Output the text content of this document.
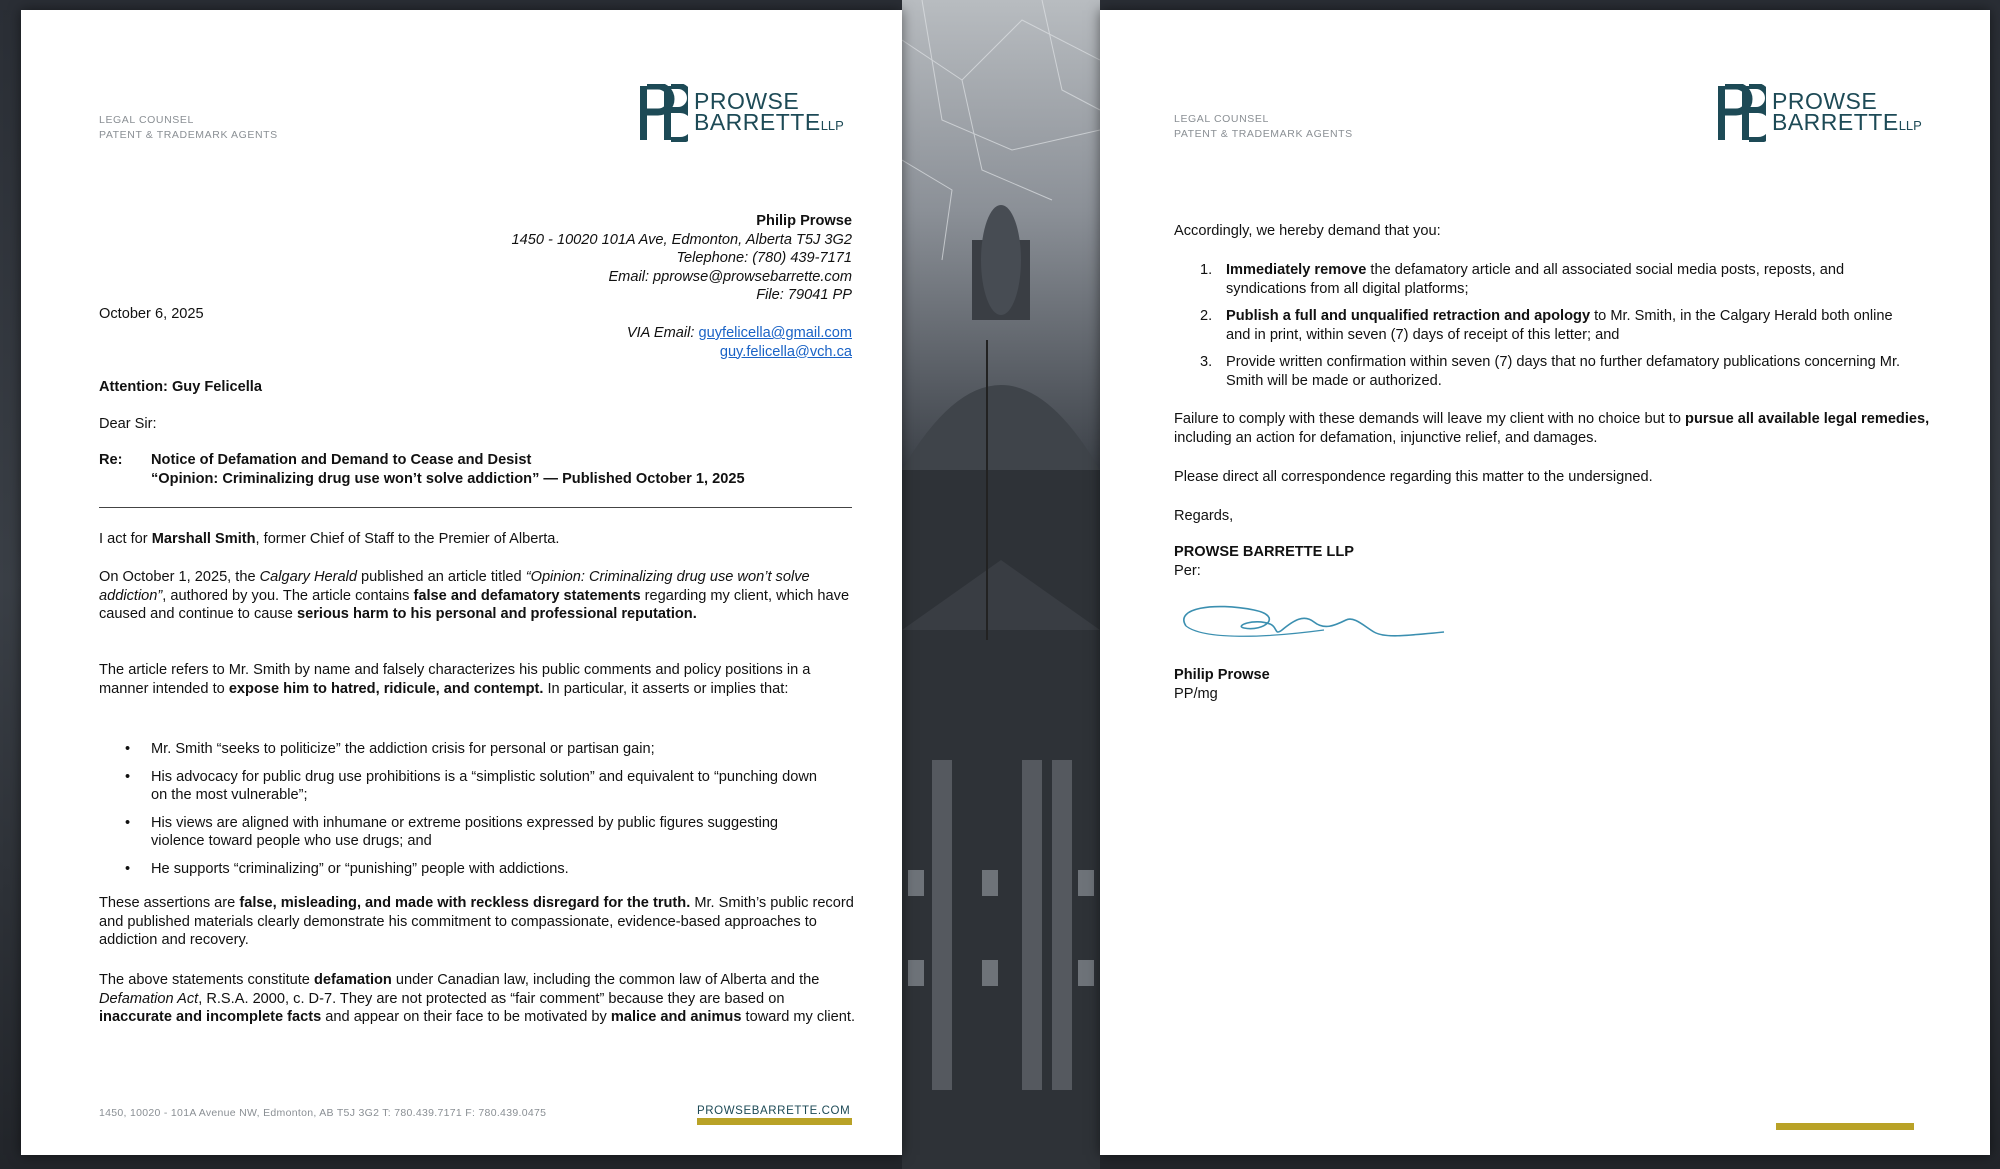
LEGAL COUNSEL
PATENT & TRADEMARK AGENTS
PROWSE
BARRETTELLP
Philip Prowse
1450 - 10020 101A Ave, Edmonton, Alberta T5J 3G2
Telephone: (780) 439-7171
Email: pprowse@prowsebarrette.com
File: 79041 PP
October 6, 2025
VIA Email: guyfelicella@gmail.com
guy.felicella@vch.ca
Attention: Guy Felicella
Dear Sir:
Re: Notice of Defamation and Demand to Cease and Desist
“Opinion: Criminalizing drug use won’t solve addiction” — Published October 1, 2025
I act for Marshall Smith, former Chief of Staff to the Premier of Alberta.
On October 1, 2025, the Calgary Herald published an article titled “Opinion: Criminalizing drug use won’t solve addiction”, authored by you. The article contains false and defamatory statements regarding my client, which have caused and continue to cause serious harm to his personal and professional reputation.
The article refers to Mr. Smith by name and falsely characterizes his public comments and policy positions in a manner intended to expose him to hatred, ridicule, and contempt. In particular, it asserts or implies that:
• Mr. Smith “seeks to politicize” the addiction crisis for personal or partisan gain;
• His advocacy for public drug use prohibitions is a “simplistic solution” and equivalent to “punching down on the most vulnerable”;
• His views are aligned with inhumane or extreme positions expressed by public figures suggesting violence toward people who use drugs; and
• He supports “criminalizing” or “punishing” people with addictions.
These assertions are false, misleading, and made with reckless disregard for the truth. Mr. Smith’s public record and published materials clearly demonstrate his commitment to compassionate, evidence-based approaches to addiction and recovery.
The above statements constitute defamation under Canadian law, including the common law of Alberta and the Defamation Act, R.S.A. 2000, c. D-7. They are not protected as “fair comment” because they are based on inaccurate and incomplete facts and appear on their face to be motivated by malice and animus toward my client.
1450, 10020 - 101A Avenue NW, Edmonton, AB T5J 3G2 T: 780.439.7171 F: 780.439.0475	PROWSEBARRETTE.COM
LEGAL COUNSEL
PATENT & TRADEMARK AGENTS
PROWSE
BARRETTELLP
Accordingly, we hereby demand that you:
1. Immediately remove the defamatory article and all associated social media posts, reposts, and syndications from all digital platforms;
2. Publish a full and unqualified retraction and apology to Mr. Smith, in the Calgary Herald both online and in print, within seven (7) days of receipt of this letter; and
3. Provide written confirmation within seven (7) days that no further defamatory publications concerning Mr. Smith will be made or authorized.
Failure to comply with these demands will leave my client with no choice but to pursue all available legal remedies, including an action for defamation, injunctive relief, and damages.
Please direct all correspondence regarding this matter to the undersigned.
Regards,
PROWSE BARRETTE LLP
Per:
Philip Prowse
PP/mg
